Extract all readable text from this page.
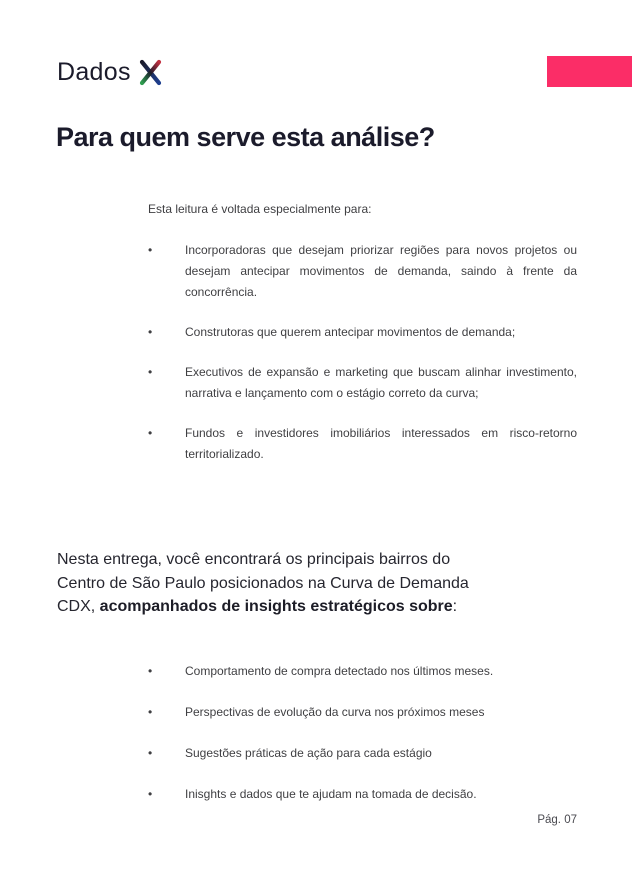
Dados
Para quem serve esta análise?

Esta leitura é voltada especialmente para:

•	Incorporadoras que desejam priorizar regiões para novos projetos ou desejam antecipar movimentos de demanda, saindo à frente da concorrência.

•	Construtoras que querem antecipar movimentos de demanda;

•	Executivos de expansão e marketing que buscam alinhar investimento, narrativa e lançamento com o estágio correto da curva;

•	Fundos e investidores imobiliários interessados em risco-retorno territorializado.

Nesta entrega, você encontrará os principais bairros do
Centro de São Paulo posicionados na Curva de Demanda
CDX, acompanhados de insights estratégicos sobre:

•	Comportamento de compra detectado nos últimos meses.

•	Perspectivas de evolução da curva nos próximos meses

•	Sugestões práticas de ação para cada estágio

•	Inisghts e dados que te ajudam na tomada de decisão.

Pág. 07
